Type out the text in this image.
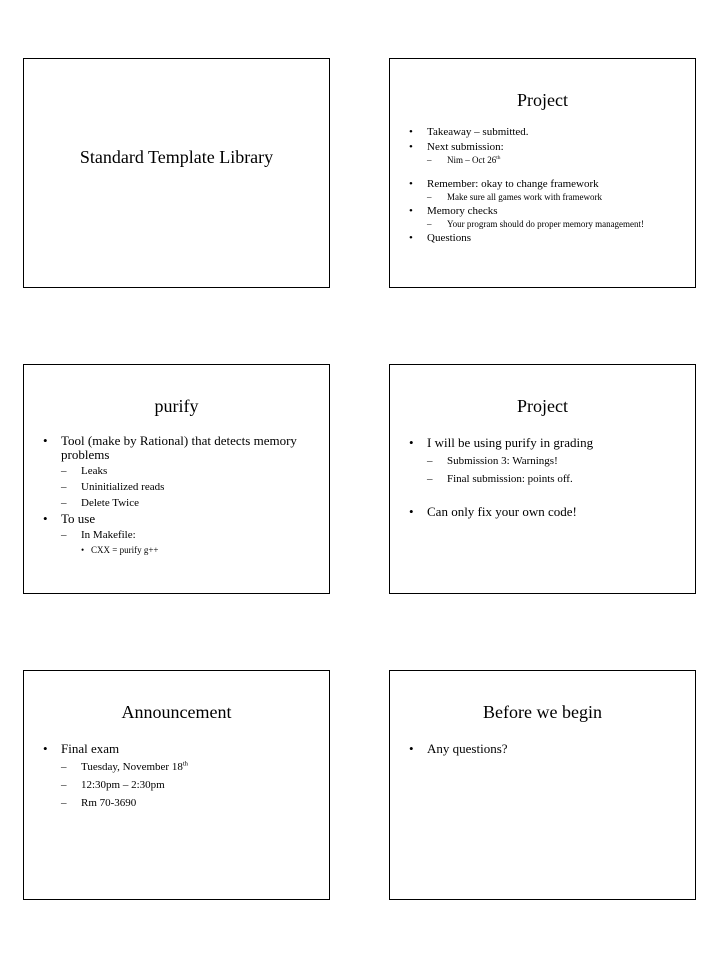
Standard Template Library
Project
• Takeaway – submitted.
• Next submission:
– Nim – Oct 26th
• Remember: okay to change framework
– Make sure all games work with framework
• Memory checks
– Your program should do proper memory management!
• Questions
purify
• Tool (make by Rational) that detects memory problems
– Leaks
– Uninitialized reads
– Delete Twice
• To use
– In Makefile:
• CXX = purify g++
Project
• I will be using purify in grading
– Submission 3: Warnings!
– Final submission: points off.
• Can only fix your own code!
Announcement
• Final exam
– Tuesday, November 18th
– 12:30pm – 2:30pm
– Rm 70-3690
Before we begin
• Any questions?
